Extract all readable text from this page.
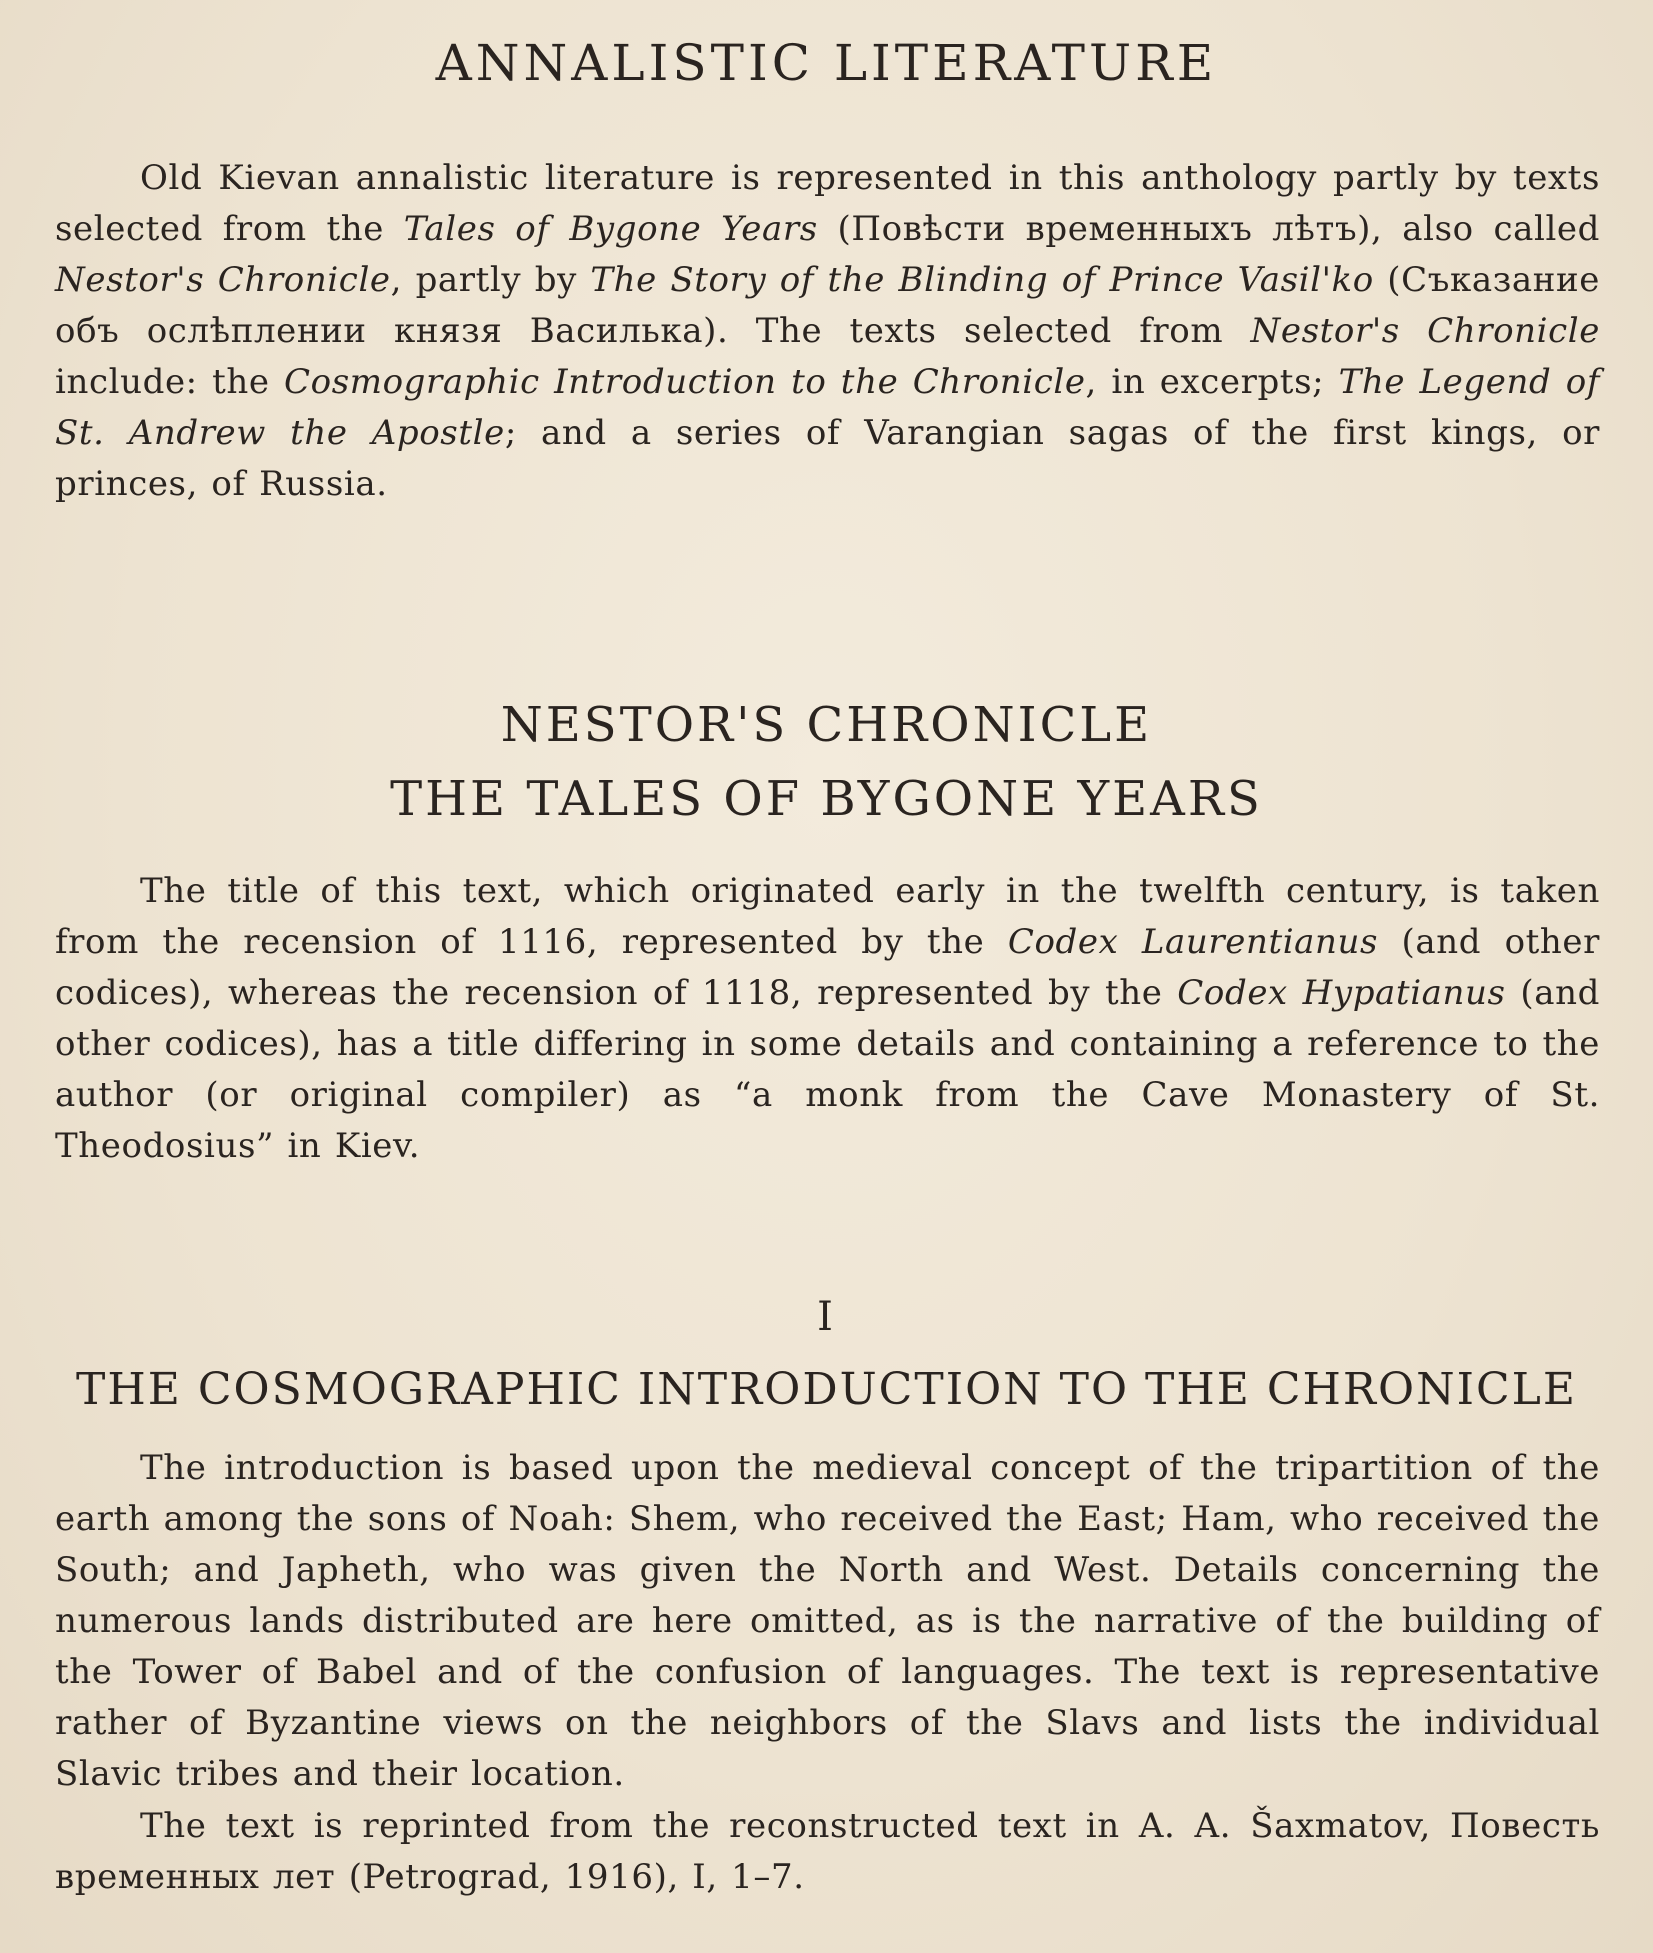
ANNALISTIC LITERATURE

Old Kievan annalistic literature is represented in this anthology partly by texts selected from the Tales of Bygone Years (Повѣсти временныхъ лѣтъ), also called Nestor's Chronicle, partly by The Story of the Blinding of Prince Vasil'ko (Съказание объ ослѣплении князя Василька). The texts selected from Nestor's Chronicle include: the Cosmographic Introduction to the Chronicle, in excerpts; The Legend of St. Andrew the Apostle; and a series of Varangian sagas of the first kings, or princes, of Russia.

NESTOR'S CHRONICLE
THE TALES OF BYGONE YEARS

The title of this text, which originated early in the twelfth century, is taken from the recension of 1116, represented by the Codex Laurentianus (and other codices), whereas the recension of 1118, represented by the Codex Hypatianus (and other codices), has a title differing in some details and containing a reference to the author (or original compiler) as “a monk from the Cave Monastery of St. Theodosius” in Kiev.

I
THE COSMOGRAPHIC INTRODUCTION TO THE CHRONICLE

The introduction is based upon the medieval concept of the tripartition of the earth among the sons of Noah: Shem, who received the East; Ham, who received the South; and Japheth, who was given the North and West. Details concerning the numerous lands distributed are here omitted, as is the narrative of the building of the Tower of Babel and of the confusion of languages. The text is representative rather of Byzantine views on the neighbors of the Slavs and lists the individual Slavic tribes and their location.

The text is reprinted from the reconstructed text in A. A. Šaxmatov, Повесть временных лет (Petrograd, 1916), I, 1–7.
